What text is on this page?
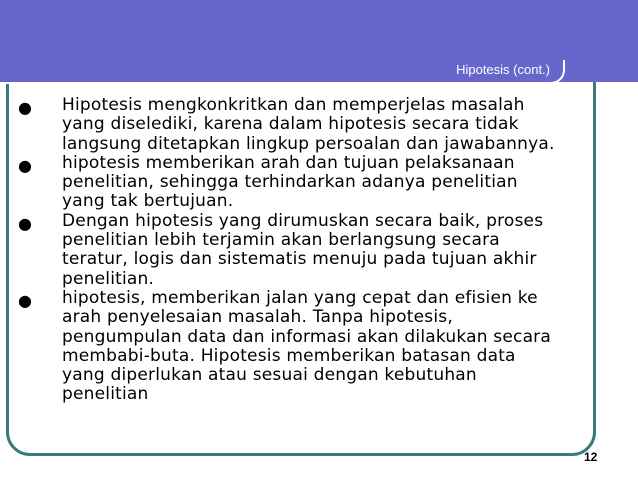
Hipotesis (cont.)
●	Hipotesis mengkonkritkan dan memperjelas masalah
yang diselediki, karena dalam hipotesis secara tidak
langsung ditetapkan lingkup persoalan dan jawabannya.
●	hipotesis memberikan arah dan tujuan pelaksanaan
penelitian, sehingga terhindarkan adanya penelitian
yang tak bertujuan.
●	Dengan hipotesis yang dirumuskan secara baik, proses
penelitian lebih terjamin akan berlangsung secara
teratur, logis dan sistematis menuju pada tujuan akhir
penelitian.
●	hipotesis, memberikan jalan yang cepat dan efisien ke
arah penyelesaian masalah. Tanpa hipotesis,
pengumpulan data dan informasi akan dilakukan secara
membabi-buta. Hipotesis memberikan batasan data
yang diperlukan atau sesuai dengan kebutuhan
penelitian
12
